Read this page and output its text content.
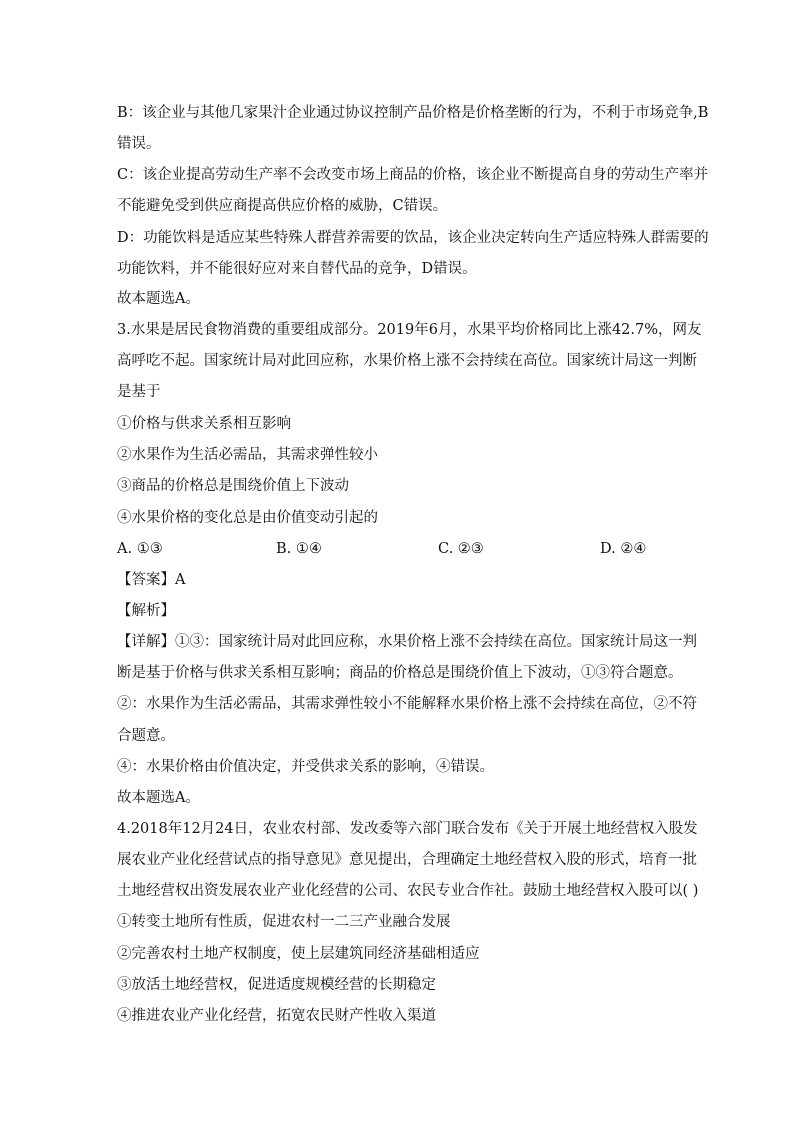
B：该企业与其他几家果汁企业通过协议控制产品价格是价格垄断的行为，不利于市场竞争,B
错误。
C：该企业提高劳动生产率不会改变市场上商品的价格，该企业不断提高自身的劳动生产率并
不能避免受到供应商提高供应价格的威胁，C错误。
D：功能饮料是适应某些特殊人群营养需要的饮品，该企业决定转向生产适应特殊人群需要的
功能饮料，并不能很好应对来自替代品的竞争，D错误。
故本题选A。
3.水果是居民食物消费的重要组成部分。2019年6月，水果平均价格同比上涨42.7%，网友
高呼吃不起。国家统计局对此回应称，水果价格上涨不会持续在高位。国家统计局这一判断
是基于
①价格与供求关系相互影响
②水果作为生活必需品，其需求弹性较小
③商品的价格总是围绕价值上下波动
④水果价格的变化总是由价值变动引起的
A. ①③	B. ①④	C. ②③	D. ②④
【答案】A
【解析】
【详解】①③：国家统计局对此回应称，水果价格上涨不会持续在高位。国家统计局这一判
断是基于价格与供求关系相互影响；商品的价格总是围绕价值上下波动，①③符合题意。
②：水果作为生活必需品，其需求弹性较小不能解释水果价格上涨不会持续在高位，②不符
合题意。
④：水果价格由价值决定，并受供求关系的影响，④错误。
故本题选A。
4.2018年12月24日，农业农村部、发改委等六部门联合发布《关于开展土地经营权入股发
展农业产业化经营试点的指导意见》意见提出，合理确定土地经营权入股的形式，培育一批
土地经营权出资发展农业产业化经营的公司、农民专业合作社。鼓励土地经营权入股可以( )
①转变土地所有性质，促进农村一二三产业融合发展
②完善农村土地产权制度，使上层建筑同经济基础相适应
③放活土地经营权，促进适度规模经营的长期稳定
④推进农业产业化经营，拓宽农民财产性收入渠道
